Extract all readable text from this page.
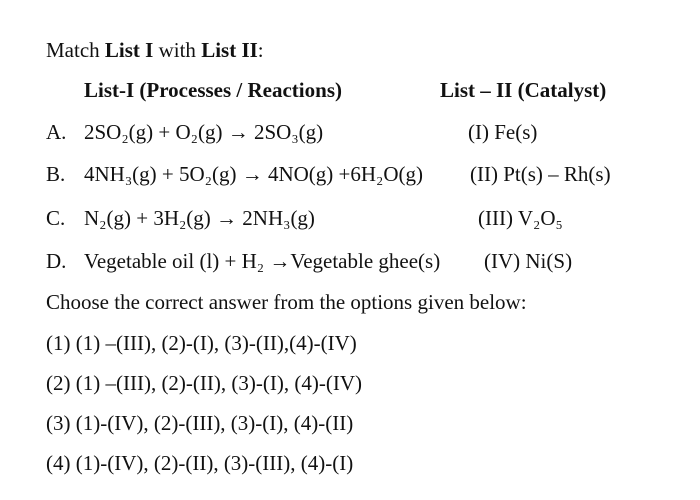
Match List I with List II:
List-I (Processes / Reactions)	List – II (Catalyst)
A. 2SO₂(g) + O₂(g) → 2SO₃(g)	(I) Fe(s)
B. 4NH₃(g) + 5O₂(g) → 4NO(g) +6H₂O(g) (II) Pt(s) – Rh(s)
C. N₂(g) + 3H₂(g) → 2NH₃(g)	(III) V₂O₅
D. Vegetable oil (l) + H₂ →Vegetable ghee(s) (IV) Ni(S)
Choose the correct answer from the options given below:
(1) (1) –(III), (2)-(I), (3)-(II),(4)-(IV)
(2) (1) –(III), (2)-(II), (3)-(I), (4)-(IV)
(3) (1)-(IV), (2)-(III), (3)-(I), (4)-(II)
(4) (1)-(IV), (2)-(II), (3)-(III), (4)-(I)
